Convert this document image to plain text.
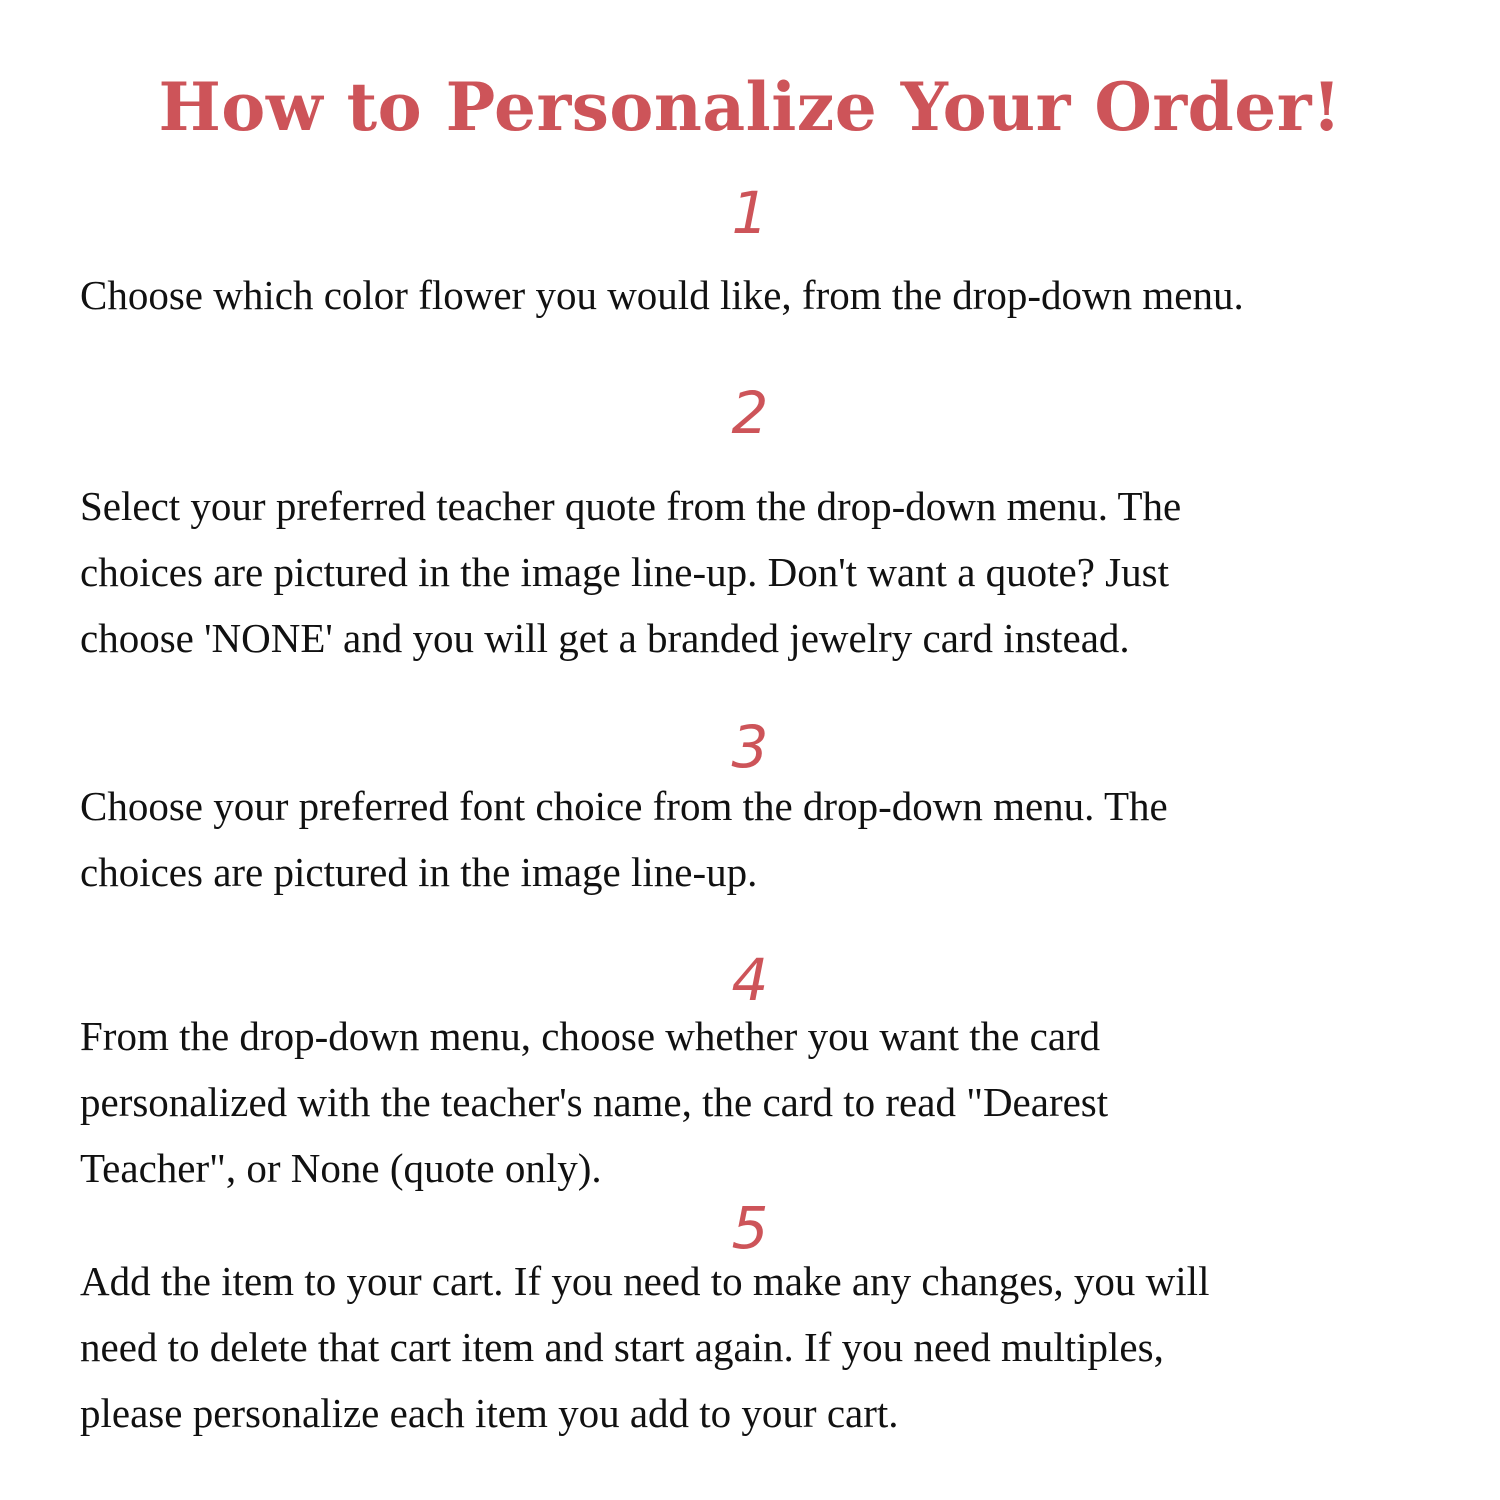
How to Personalize Your Order!
1
Choose which color flower you would like, from the drop-down menu.
2
Select your preferred teacher quote from the drop-down menu. The
choices are pictured in the image line-up. Don't want a quote? Just
choose 'NONE' and you will get a branded jewelry card instead.
3
Choose your preferred font choice from the drop-down menu. The
choices are pictured in the image line-up.
4
From the drop-down menu, choose whether you want the card
personalized with the teacher's name, the card to read "Dearest
Teacher", or None (quote only).
5
Add the item to your cart. If you need to make any changes, you will
need to delete that cart item and start again. If you need multiples,
please personalize each item you add to your cart.
